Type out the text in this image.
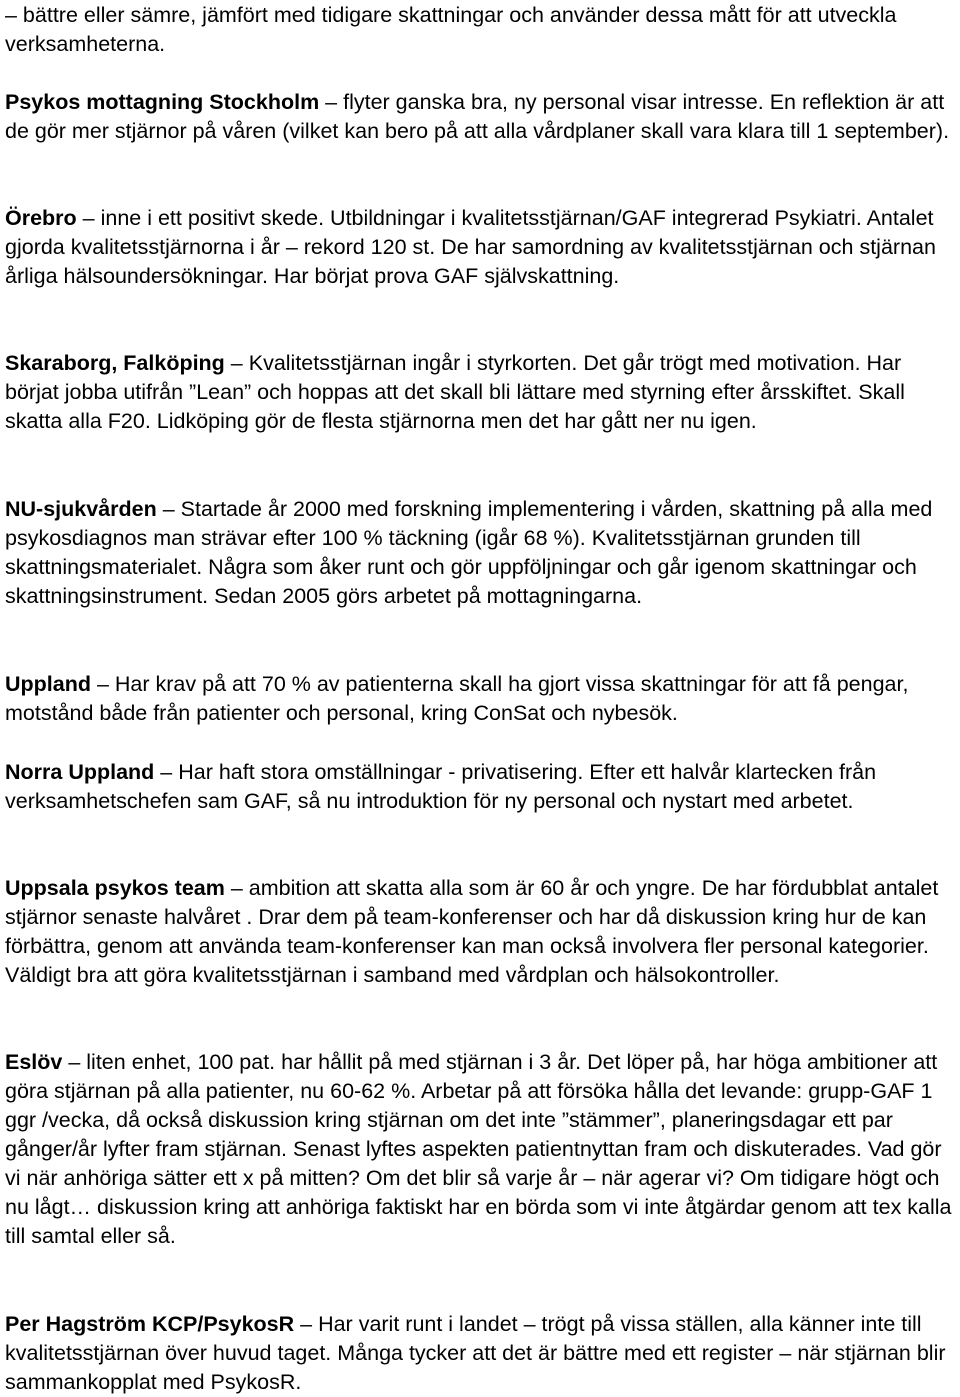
– bättre eller sämre, jämfört med tidigare skattningar och använder dessa mått för att utveckla verksamheterna.

Psykos mottagning Stockholm – flyter ganska bra, ny personal visar intresse. En reflektion är att de gör mer stjärnor på våren (vilket kan bero på att alla vårdplaner skall vara klara till 1 september).

Örebro – inne i ett positivt skede. Utbildningar i kvalitetsstjärnan/GAF integrerad Psykiatri. Antalet gjorda kvalitetsstjärnorna i år – rekord 120 st. De har samordning av kvalitetsstjärnan och stjärnan årliga hälsoundersökningar. Har börjat prova GAF självskattning.

Skaraborg, Falköping – Kvalitetsstjärnan ingår i styrkorten. Det går trögt med motivation. Har börjat jobba utifrån ”Lean” och hoppas att det skall bli lättare med styrning efter årsskiftet. Skall skatta alla F20. Lidköping gör de flesta stjärnorna men det har gått ner nu igen.

NU-sjukvården – Startade år 2000 med forskning implementering i vården, skattning på alla med psykosdiagnos man strävar efter 100 % täckning (igår 68 %). Kvalitetsstjärnan grunden till skattningsmaterialet. Några som åker runt och gör uppföljningar och går igenom skattningar och skattningsinstrument. Sedan 2005 görs arbetet på mottagningarna.

Uppland – Har krav på att 70 % av patienterna skall ha gjort vissa skattningar för att få pengar, motstånd både från patienter och personal, kring ConSat och nybesök.

Norra Uppland – Har haft stora omställningar - privatisering. Efter ett halvår klartecken från verksamhetschefen sam GAF, så nu introduktion för ny personal och nystart med arbetet.

Uppsala psykos team – ambition att skatta alla som är 60 år och yngre. De har fördubblat antalet stjärnor senaste halvåret . Drar dem på team-konferenser och har då diskussion kring hur de kan förbättra, genom att använda team-konferenser kan man också involvera fler personal kategorier. Väldigt bra att göra kvalitetsstjärnan i samband med vårdplan och hälsokontroller.

Eslöv – liten enhet, 100 pat. har hållit på med stjärnan i 3 år. Det löper på, har höga ambitioner att göra stjärnan på alla patienter, nu 60-62 %. Arbetar på att försöka hålla det levande: grupp-GAF 1 ggr /vecka, då också diskussion kring stjärnan om det inte ”stämmer”, planeringsdagar ett par gånger/år lyfter fram stjärnan. Senast lyftes aspekten patientnyttan fram och diskuterades. Vad gör vi när anhöriga sätter ett x på mitten? Om det blir så varje år – när agerar vi? Om tidigare högt och nu lågt… diskussion kring att anhöriga faktiskt har en börda som vi inte åtgärdar genom att tex kalla till samtal eller så.

Per Hagström KCP/PsykosR – Har varit runt i landet – trögt på vissa ställen, alla känner inte till kvalitetsstjärnan över huvud taget. Många tycker att det är bättre med ett register – när stjärnan blir sammankopplat med PsykosR.
